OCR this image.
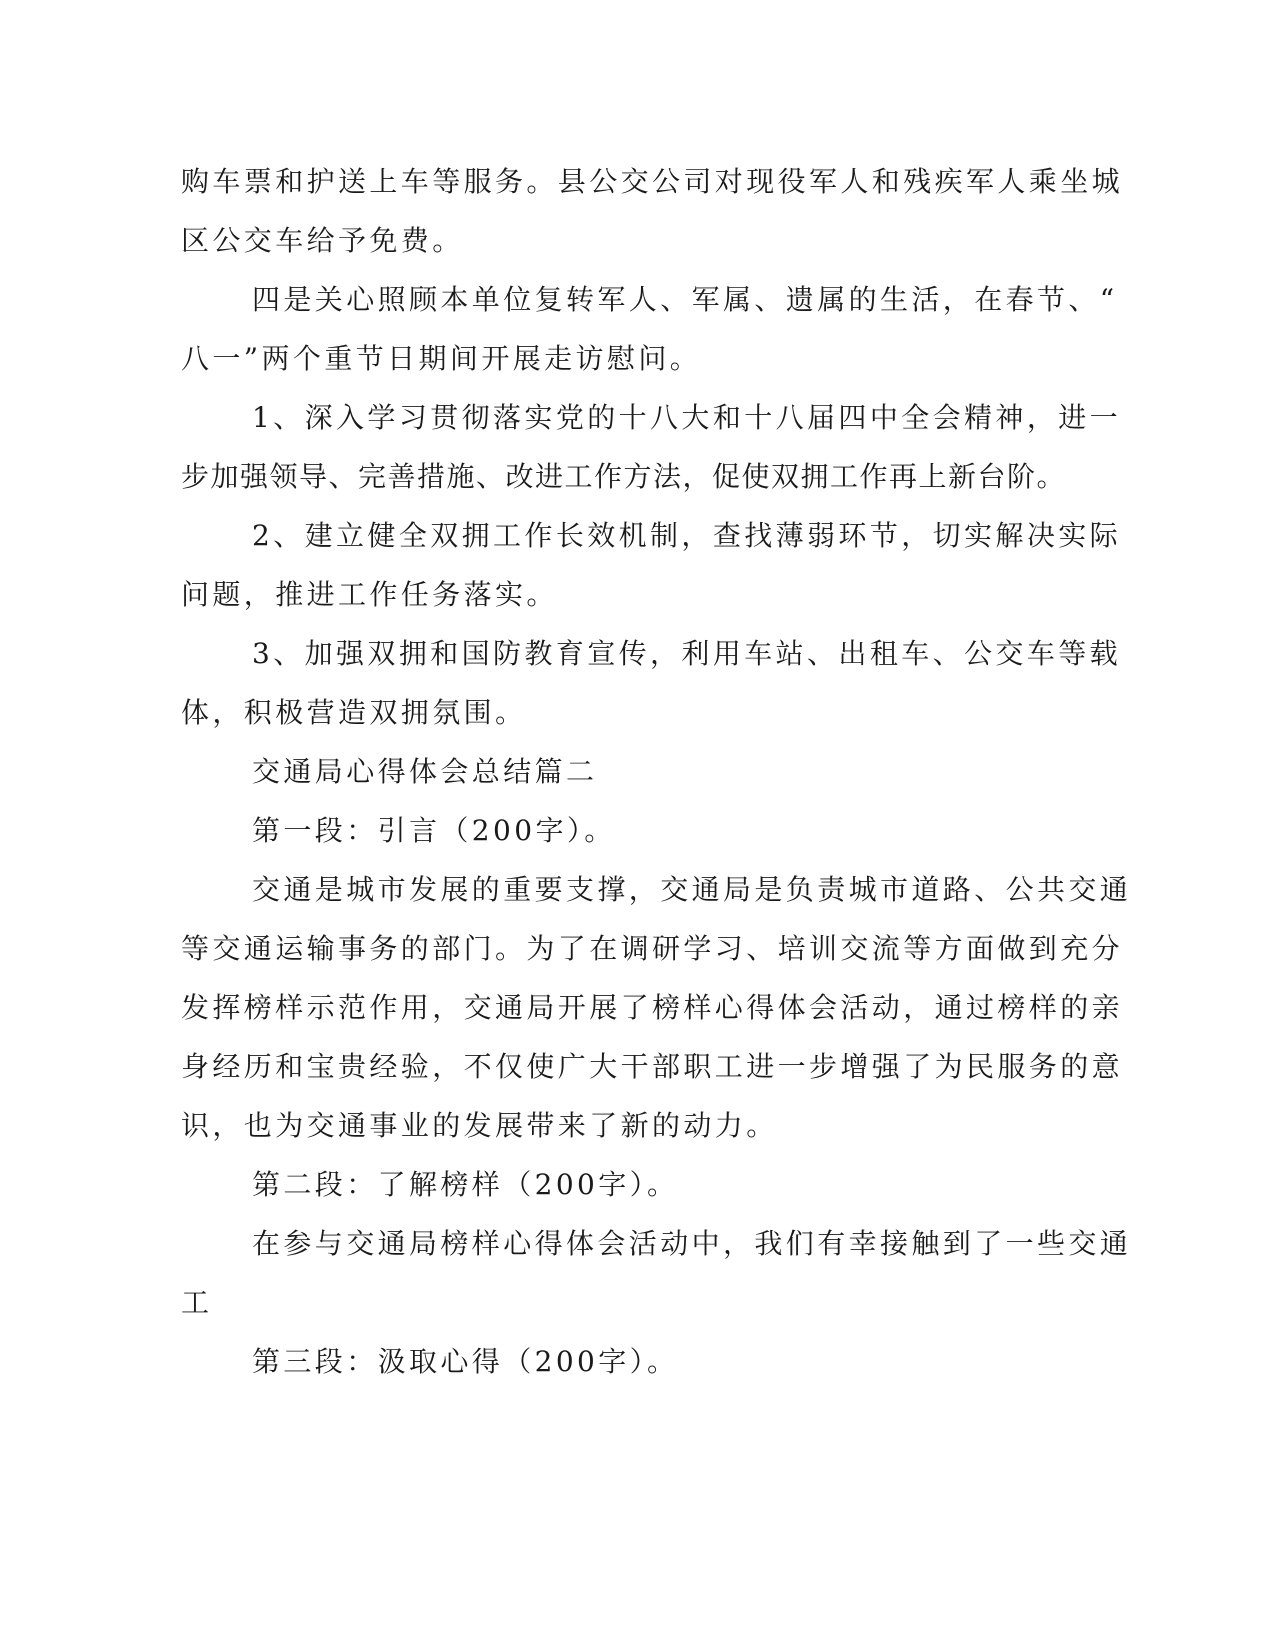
购车票和护送上车等服务。县公交公司对现役军人和残疾军人乘坐城
区公交车给予免费。
四是关心照顾本单位复转军人、军属、遗属的生活，在春节、“
八一”两个重节日期间开展走访慰问。
1、深入学习贯彻落实党的十八大和十八届四中全会精神，进一
步加强领导、完善措施、改进工作方法，促使双拥工作再上新台阶。
2、建立健全双拥工作长效机制，查找薄弱环节，切实解决实际
问题，推进工作任务落实。
3、加强双拥和国防教育宣传，利用车站、出租车、公交车等载
体，积极营造双拥氛围。
交通局心得体会总结篇二
第一段：引言（200字）。
交通是城市发展的重要支撑，交通局是负责城市道路、公共交通
等交通运输事务的部门。为了在调研学习、培训交流等方面做到充分
发挥榜样示范作用，交通局开展了榜样心得体会活动，通过榜样的亲
身经历和宝贵经验，不仅使广大干部职工进一步增强了为民服务的意
识，也为交通事业的发展带来了新的动力。
第二段：了解榜样（200字）。
在参与交通局榜样心得体会活动中，我们有幸接触到了一些交通
工
第三段：汲取心得（200字）。
